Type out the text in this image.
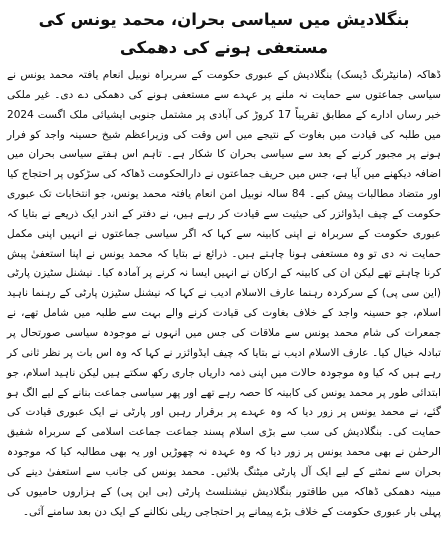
بنگلادیش میں سیاسی بحران، محمد یونس کی مستعفی ہونے کی دھمکی

ڈھاکہ (مانیٹرنگ ڈیسک) بنگلادیش کے عبوری حکومت کے سربراہ نوبیل انعام یافتہ محمد یونس نے سیاسی جماعتوں سے حمایت نہ ملنے پر عہدے سے مستعفی ہونے کی دھمکی دے دی۔ غیر ملکی خبر رساں ادارے کے مطابق تقریباً 17 کروڑ کی آبادی پر مشتمل جنوبی ایشیائی ملک اگست 2024 میں طلبہ کی قیادت میں بغاوت کے نتیجے میں اس وقت کی وزیراعظم شیخ حسینہ واجد کو فرار ہونے پر مجبور کرنے کے بعد سے سیاسی بحران کا شکار ہے۔ تاہم اس ہفتے سیاسی بحران میں اضافہ دیکھنے میں آیا ہے، جس میں حریف جماعتوں نے دارالحکومت ڈھاکہ کی سڑکوں پر احتجاج کیا اور متضاد مطالبات پیش کیے۔ 84 سالہ نوبیل امن انعام یافتہ محمد یونس، جو انتخابات تک عبوری حکومت کے چیف ایڈوائزر کی حیثیت سے قیادت کر رہے ہیں، نے دفتر کے اندر ایک ذریعے نے بتایا کہ عبوری حکومت کے سربراہ نے اپنی کابینہ سے کہا کہ اگر سیاسی جماعتوں نے انہیں اپنی مکمل حمایت نہ دی تو وہ مستعفی ہونا چاہتے ہیں۔ ذرائع نے بتایا کہ محمد یونس نے اپنا استعفیٰ پیش کرنا چاہتے تھے لیکن ان کی کابینہ کے ارکان نے انہیں ایسا نہ کرنے پر آمادہ کیا۔ نیشنل سٹیزن پارٹی (این سی پی) کے سرکردہ رہنما عارف الاسلام ادیب نے کہا کہ نیشنل سٹیزن پارٹی کے رہنما ناہید اسلام، جو حسینہ واجد کے خلاف بغاوت کی قیادت کرنے والے بہت سے طلبہ میں شامل تھے، نے جمعرات کی شام محمد یونس سے ملاقات کی جس میں انہوں نے موجودہ سیاسی صورتحال پر تبادلہ خیال کیا۔ عارف الاسلام ادیب نے بتایا کہ چیف ایڈوائزر نے کہا کہ وہ اس بات پر نظر ثانی کر رہے ہیں کہ کیا وہ موجودہ حالات میں اپنی ذمہ داریاں جاری رکھ سکتے ہیں لیکن ناہید اسلام، جو ابتدائی طور پر محمد یونس کی کابینہ کا حصہ رہے تھے اور پھر سیاسی جماعت بنانے کے لیے الگ ہو گئے، نے محمد یونس پر زور دیا کہ وہ عہدے پر برقرار رہیں اور پارٹی نے ایک عبوری قیادت کی حمایت کی۔ بنگلادیش کی سب سے بڑی اسلام پسند جماعت جماعت اسلامی کے سربراہ شفیق الرحمٰن نے بھی محمد یونس پر زور دیا کہ وہ عہدہ نہ چھوڑیں اور یہ بھی مطالبہ کیا کہ موجودہ بحران سے نمٹنے کے لیے ایک آل پارٹی میٹنگ بلائیں۔ محمد یونس کی جانب سے استعفیٰ دینے کی مبینہ دھمکی ڈھاکہ میں طاقتور بنگلادیش نیشنلسٹ پارٹی (بی این پی) کے ہزاروں حامیوں کی پہلی بار عبوری حکومت کے خلاف بڑے پیمانے پر احتجاجی ریلی نکالنے کے ایک دن بعد سامنے آئی۔
